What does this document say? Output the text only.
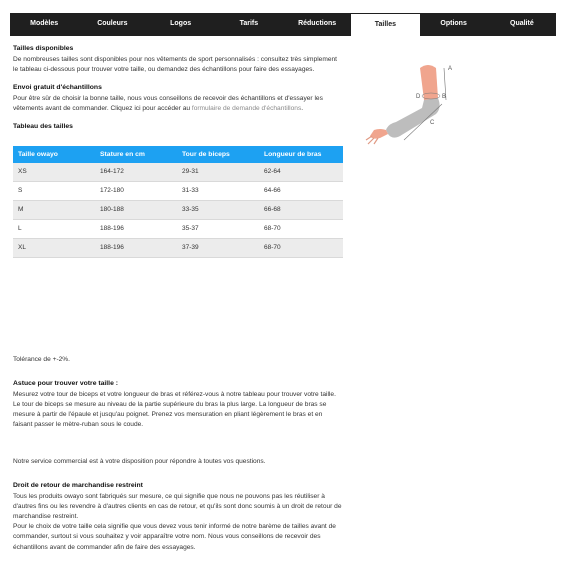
Modèles	Couleurs	Logos	Tarifs	Réductions	Tailles	Options	Qualité
Tailles disponibles

De nombreuses tailles sont disponibles pour nos vêtements de sport personnalisés : consultez très simplement le tableau ci-dessous pour trouver votre taille, ou demandez des échantillons pour faire des essayages.

Envoi gratuit d'échantillons

Pour être sûr de choisir la bonne taille, nous vous conseillons de recevoir des échantillons et d'essayer les vêtements avant de commander. Cliquez ici pour accéder au formulaire de demande d'échantillons.

Tableau des tailles
Taille owayo	Stature en cm	Tour de biceps	Longueur de bras
XS	164-172	29-31	62-64
S	172-180	31-33	64-66
M	180-188	33-35	66-68
L	188-196	35-37	68-70
XL	188-196	37-39	68-70
A
D	B
C

Tolérance de +-2%.

Astuce pour trouver votre taille :

Mesurez votre tour de biceps et votre longueur de bras et référez-vous à notre tableau pour trouver votre taille. Le tour de biceps se mesure au niveau de la partie supérieure du bras la plus large. La longueur de bras se mesure à partir de l'épaule et jusqu'au poignet. Prenez vos mensuration en pliant légèrement le bras et en faisant passer le mètre-ruban sous le coude.

Notre service commercial est à votre disposition pour répondre à toutes vos questions.

Droit de retour de marchandise restreint

Tous les produits owayo sont fabriqués sur mesure, ce qui signifie que nous ne pouvons pas les réutiliser à d'autres fins ou les revendre à d'autres clients en cas de retour, et qu'ils sont donc soumis à un droit de retour de marchandise restreint.

Pour le choix de votre taille cela signifie que vous devez vous tenir informé de notre barème de tailles avant de commander, surtout si vous souhaitez y voir apparaître votre nom. Nous vous conseillons de recevoir des échantillons avant de commander afin de faire des essayages.
